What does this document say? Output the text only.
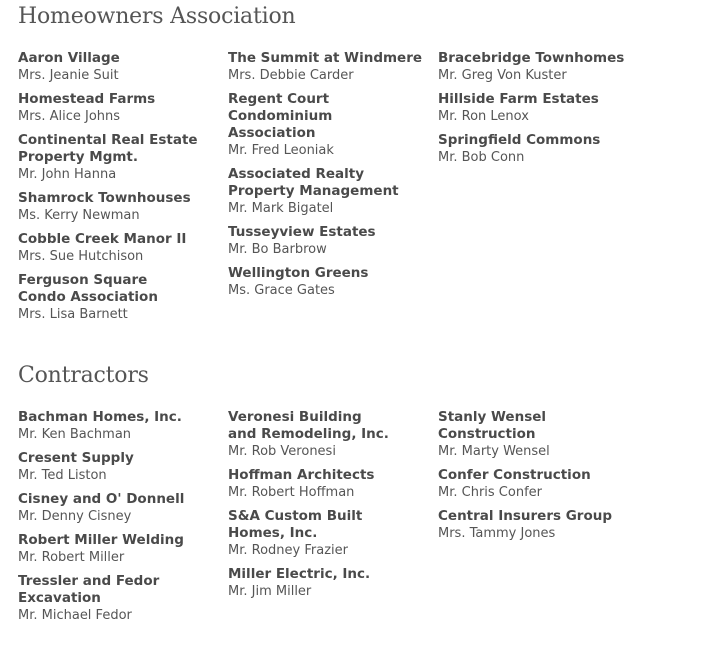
Homeowners Association
Aaron Village
Mrs. Jeanie Suit
Homestead Farms
Mrs. Alice Johns
Continental Real Estate Property Mgmt.
Mr. John Hanna
Shamrock Townhouses
Ms. Kerry Newman
Cobble Creek Manor II
Mrs. Sue Hutchison
Ferguson Square Condo Association
Mrs. Lisa Barnett
The Summit at Windmere
Mrs. Debbie Carder
Regent Court Condominium Association
Mr. Fred Leoniak
Associated Realty Property Management
Mr. Mark Bigatel
Tusseyview Estates
Mr. Bo Barbrow
Wellington Greens
Ms. Grace Gates
Bracebridge Townhomes
Mr. Greg Von Kuster
Hillside Farm Estates
Mr. Ron Lenox
Springfield Commons
Mr. Bob Conn
Contractors
Bachman Homes, Inc.
Mr. Ken Bachman
Cresent Supply
Mr. Ted Liston
Cisney and O' Donnell
Mr. Denny Cisney
Robert Miller Welding
Mr. Robert Miller
Tressler and Fedor Excavation
Mr. Michael Fedor
Veronesi Building and Remodeling, Inc.
Mr. Rob Veronesi
Hoffman Architects
Mr. Robert Hoffman
S&A Custom Built Homes, Inc.
Mr. Rodney Frazier
Miller Electric, Inc.
Mr. Jim Miller
Stanly Wensel Construction
Mr. Marty Wensel
Confer Construction
Mr. Chris Confer
Central Insurers Group
Mrs. Tammy Jones
